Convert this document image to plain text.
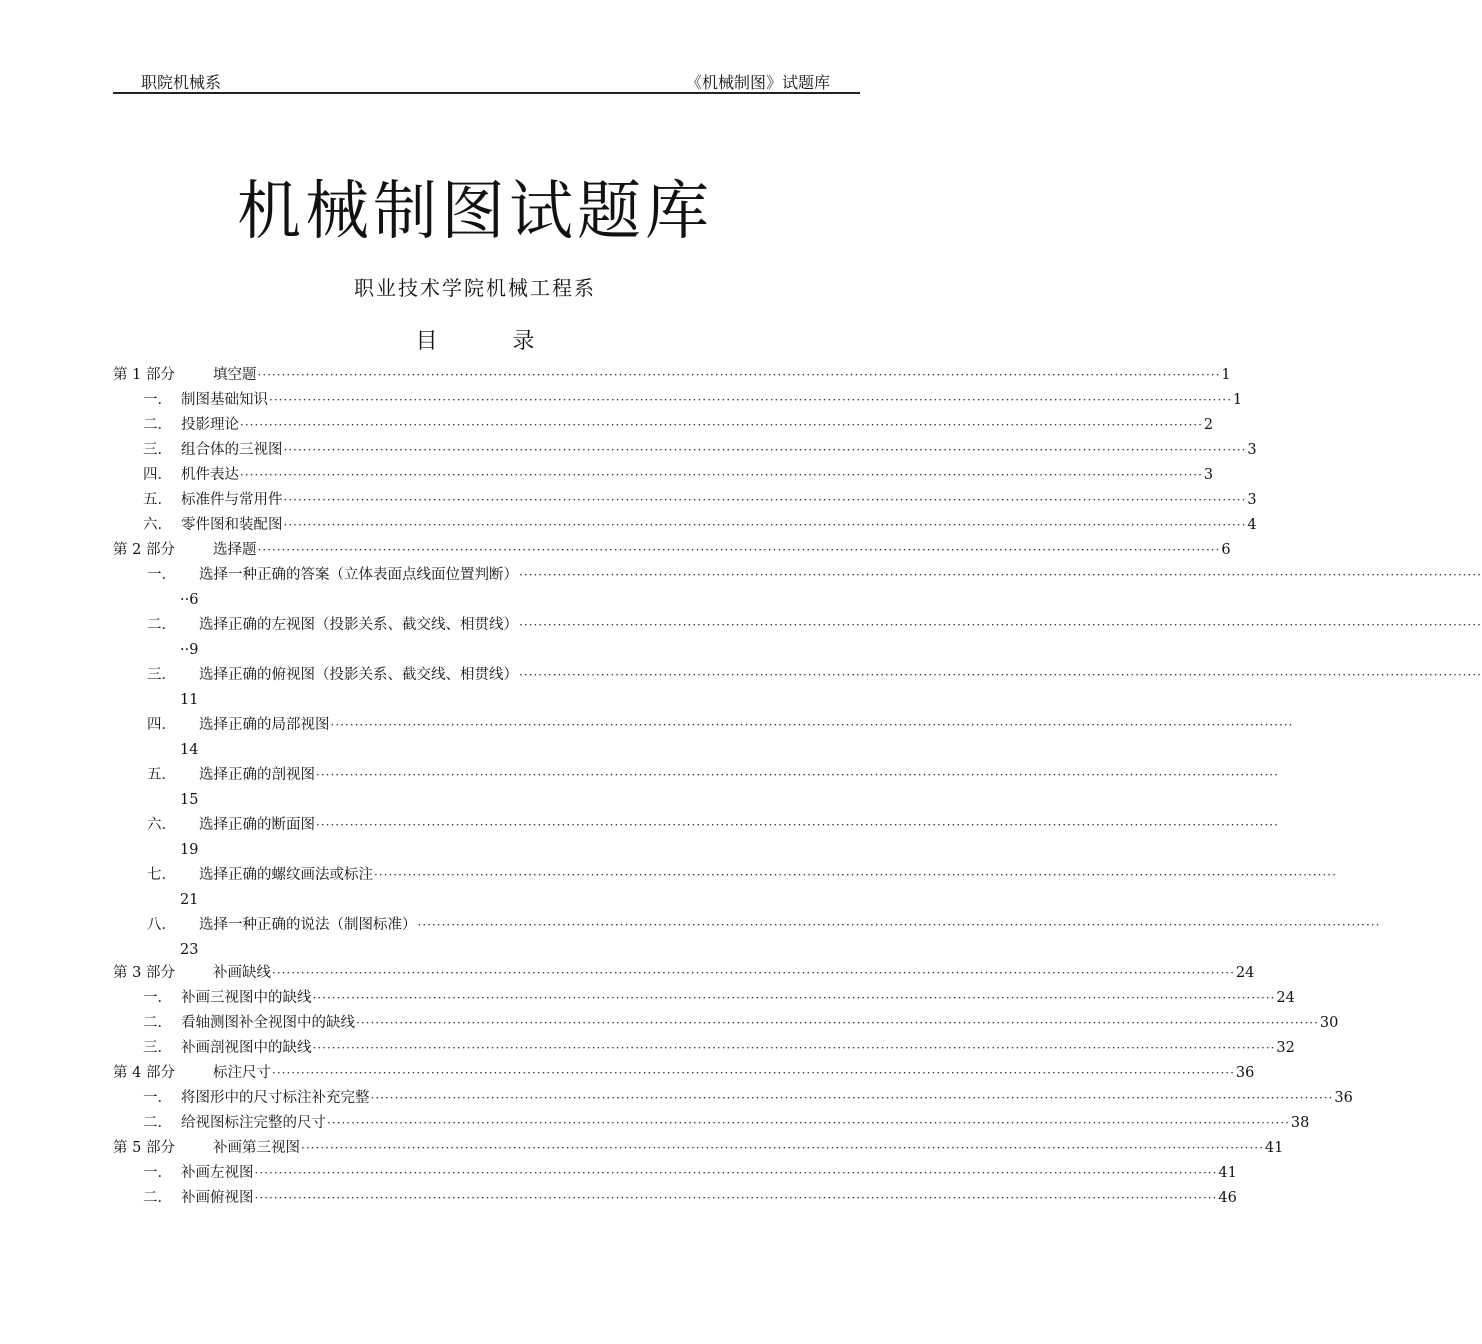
职院机械系	《机械制图》试题库
机械制图试题库
职业技术学院机械工程系
目 录
第 1 部分	填空题 ········································································································································································································ 1
一． 制图基础知识 ········································································································································································································ 1
二． 投影理论 ········································································································································································································ 2
三． 组合体的三视图 ········································································································································································································ 3
四． 机件表达 ········································································································································································································ 3
五． 标准件与常用件 ········································································································································································································ 3
六． 零件图和装配图 ········································································································································································································ 4
第 2 部分	选择题 ········································································································································································································ 6
一． 选择一种正确的答案（立体表面点线面位置判断） ········································································································································································································
··6
二． 选择正确的左视图（投影关系、截交线、相贯线） ········································································································································································································
··9
三． 选择正确的俯视图（投影关系、截交线、相贯线） ········································································································································································································
11
四． 选择正确的局部视图 ········································································································································································································
14
五． 选择正确的剖视图 ········································································································································································································
15
六． 选择正确的断面图 ········································································································································································································
19
七． 选择正确的螺纹画法或标注 ········································································································································································································
21
八． 选择一种正确的说法（制图标准） ········································································································································································································
23
第 3 部分	补画缺线 ········································································································································································································ 24
一． 补画三视图中的缺线 ········································································································································································································ 24
二． 看轴测图补全视图中的缺线 ········································································································································································································ 30
三． 补画剖视图中的缺线 ········································································································································································································ 32
第 4 部分	标注尺寸 ········································································································································································································ 36
一． 将图形中的尺寸标注补充完整 ········································································································································································································ 36
二． 给视图标注完整的尺寸 ········································································································································································································ 38
第 5 部分	补画第三视图 ········································································································································································································ 41
一． 补画左视图 ········································································································································································································ 41
二． 补画俯视图 ········································································································································································································ 46
